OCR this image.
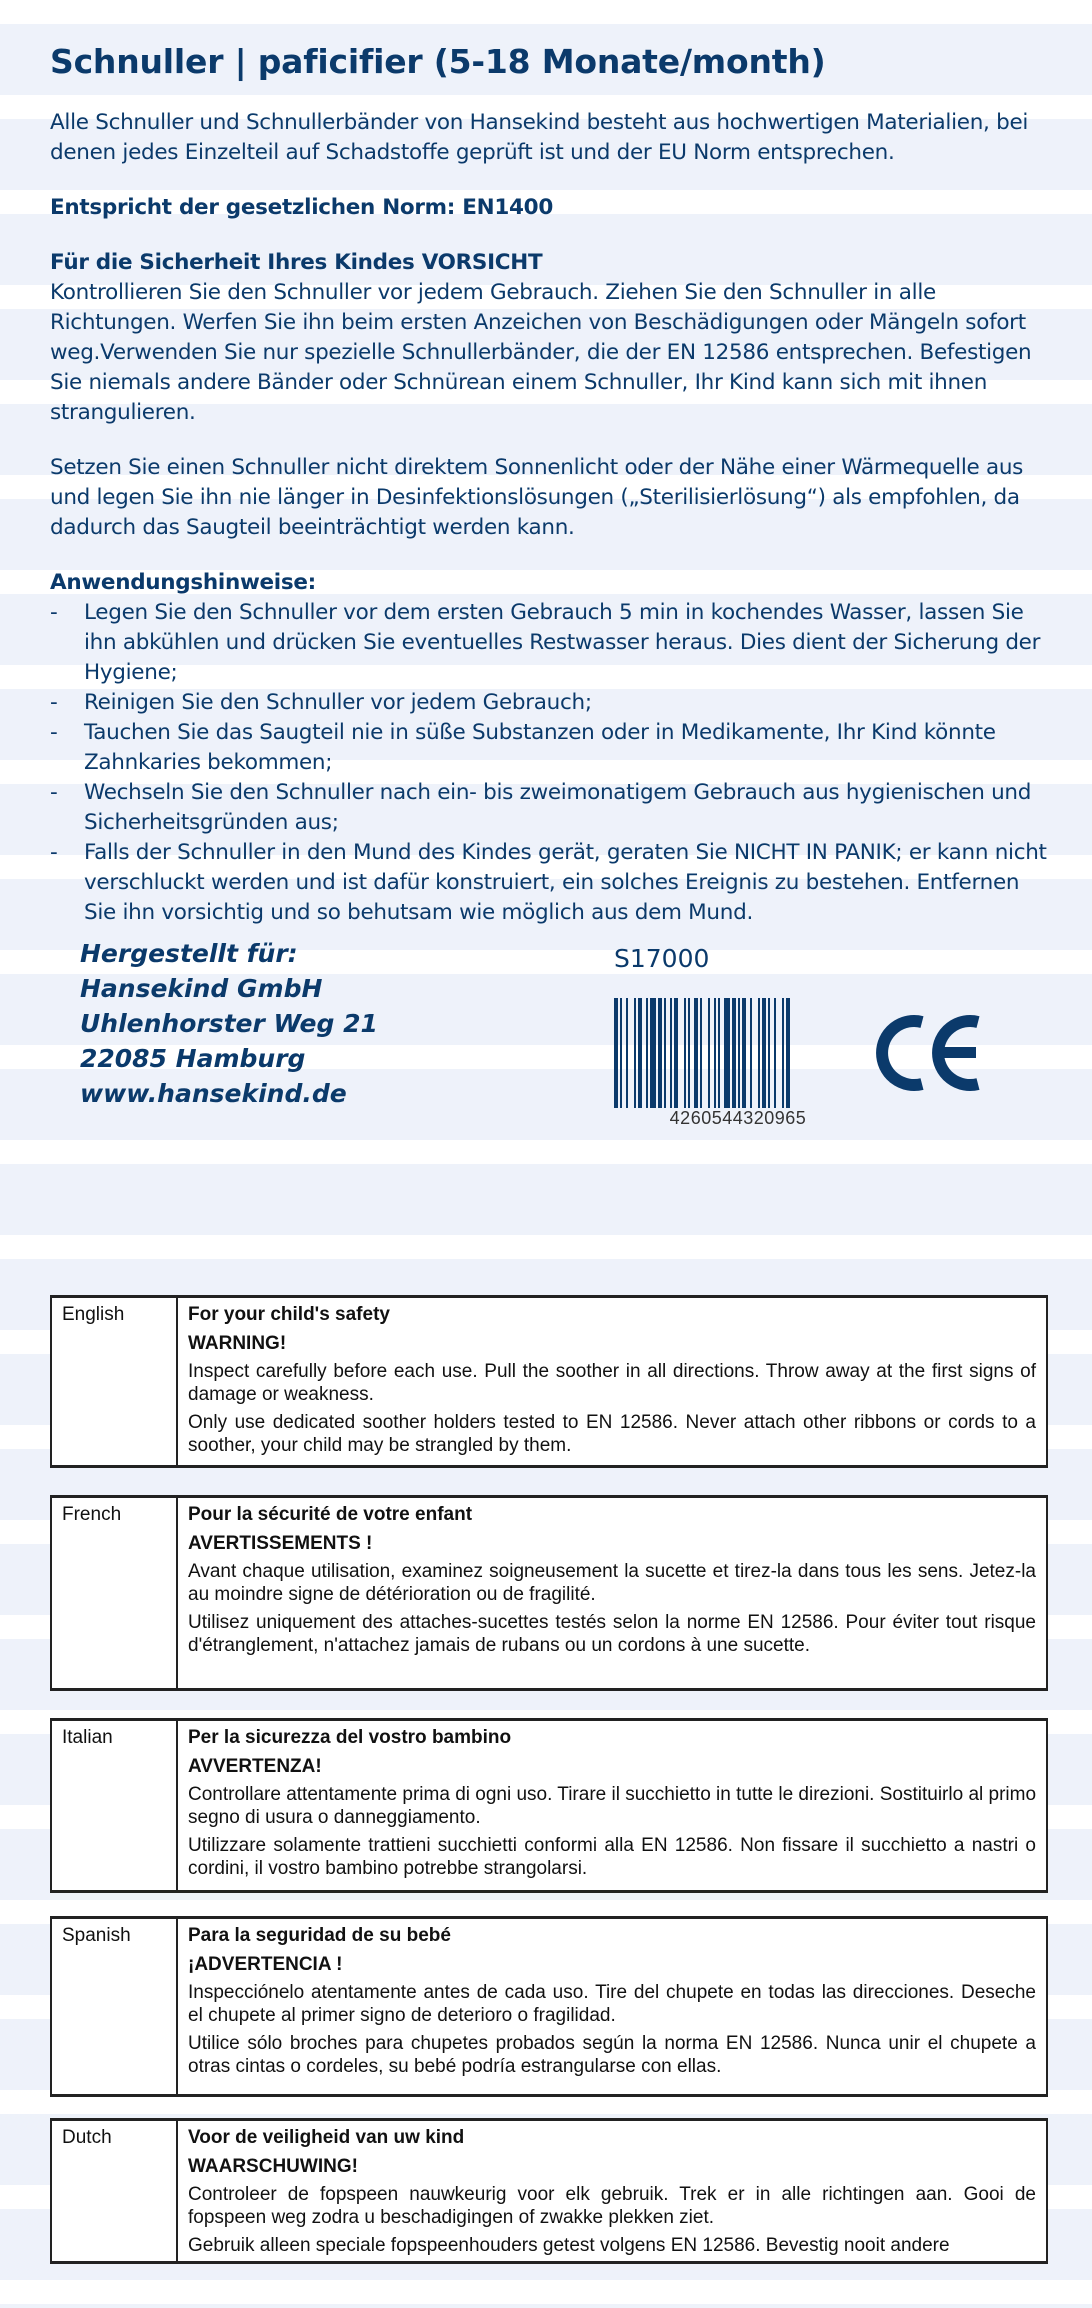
Schnuller | paficifier (5-18 Monate/month)
Alle Schnuller und Schnullerbänder von Hansekind besteht aus hochwertigen Materialien, bei denen jedes Einzelteil auf Schadstoffe geprüft ist und der EU Norm entsprechen.
Entspricht der gesetzlichen Norm: EN1400
Für die Sicherheit Ihres Kindes VORSICHT
Kontrollieren Sie den Schnuller vor jedem Gebrauch. Ziehen Sie den Schnuller in alle Richtungen. Werfen Sie ihn beim ersten Anzeichen von Beschädigungen oder Mängeln sofort weg.Verwenden Sie nur spezielle Schnullerbänder, die der EN 12586 entsprechen. Befestigen Sie niemals andere Bänder oder Schnürean einem Schnuller, Ihr Kind kann sich mit ihnen strangulieren.
Setzen Sie einen Schnuller nicht direktem Sonnenlicht oder der Nähe einer Wärmequelle aus und legen Sie ihn nie länger in Desinfektionslösungen („Sterilisierlösung“) als empfohlen, da dadurch das Saugteil beeinträchtigt werden kann.
Anwendungshinweise:
- Legen Sie den Schnuller vor dem ersten Gebrauch 5 min in kochendes Wasser, lassen Sie ihn abkühlen und drücken Sie eventuelles Restwasser heraus. Dies dient der Sicherung der Hygiene;
- Reinigen Sie den Schnuller vor jedem Gebrauch;
- Tauchen Sie das Saugteil nie in süße Substanzen oder in Medikamente, Ihr Kind könnte Zahnkaries bekommen;
- Wechseln Sie den Schnuller nach ein- bis zweimonatigem Gebrauch aus hygienischen und Sicherheitsgründen aus;
- Falls der Schnuller in den Mund des Kindes gerät, geraten Sie NICHT IN PANIK; er kann nicht verschluckt werden und ist dafür konstruiert, ein solches Ereignis zu bestehen. Entfernen Sie ihn vorsichtig und so behutsam wie möglich aus dem Mund.
Hergestellt für:
Hansekind GmbH
Uhlenhorster Weg 21
22085 Hamburg
www.hansekind.de
S17000
4260544320965
English	For your child's safety
WARNING!
Inspect carefully before each use. Pull the soother in all directions. Throw away at the first signs of damage or weakness.
Only use dedicated soother holders tested to EN 12586. Never attach other ribbons or cords to a soother, your child may be strangled by them.
French	Pour la sécurité de votre enfant
AVERTISSEMENTS !
Avant chaque utilisation, examinez soigneusement la sucette et tirez-la dans tous les sens. Jetez-la au moindre signe de détérioration ou de fragilité.
Utilisez uniquement des attaches-sucettes testés selon la norme EN 12586. Pour éviter tout risque d'étranglement, n'attachez jamais de rubans ou un cordons à une sucette.
Italian	Per la sicurezza del vostro bambino
AVVERTENZA!
Controllare attentamente prima di ogni uso. Tirare il succhietto in tutte le direzioni. Sostituirlo al primo segno di usura o danneggiamento.
Utilizzare solamente trattieni succhietti conformi alla EN 12586. Non fissare il succhietto a nastri o cordini, il vostro bambino potrebbe strangolarsi.
Spanish	Para la seguridad de su bebé
¡ADVERTENCIA !
Inspecciónelo atentamente antes de cada uso. Tire del chupete en todas las direcciones. Deseche el chupete al primer signo de deterioro o fragilidad.
Utilice sólo broches para chupetes probados según la norma EN 12586. Nunca unir el chupete a otras cintas o cordeles, su bebé podría estrangularse con ellas.
Dutch	Voor de veiligheid van uw kind
WAARSCHUWING!
Controleer de fopspeen nauwkeurig voor elk gebruik. Trek er in alle richtingen aan. Gooi de fopspeen weg zodra u beschadigingen of zwakke plekken ziet.
Gebruik alleen speciale fopspeenhouders getest volgens EN 12586. Bevestig nooit andere
